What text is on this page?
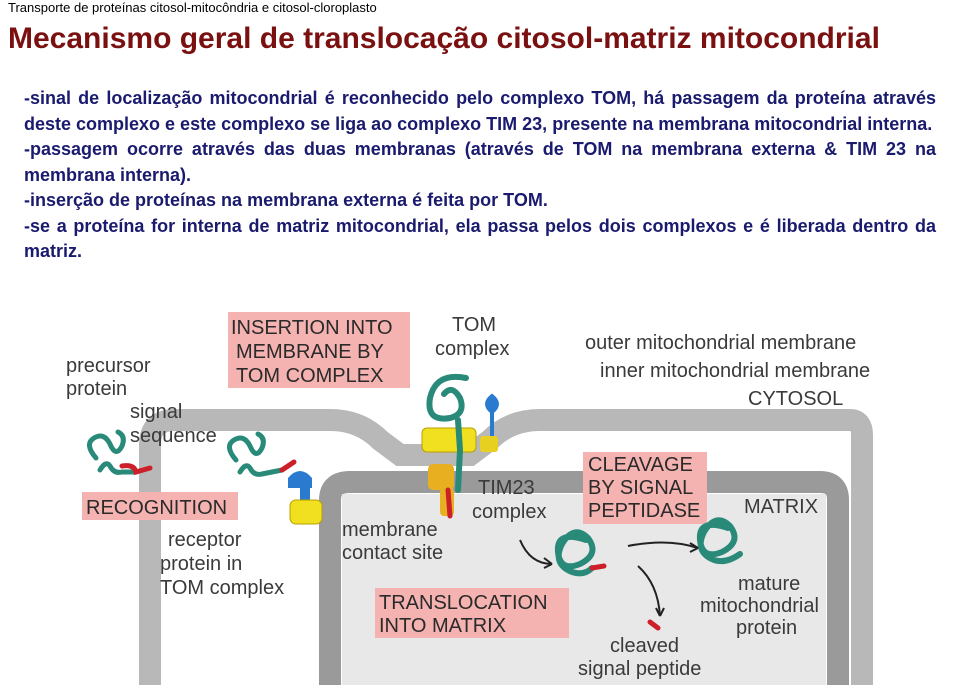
Transporte de proteínas citosol-mitocôndria e citosol-cloroplasto
Mecanismo geral de translocação citosol-matriz mitocondrial

-sinal de localização mitocondrial é reconhecido pelo complexo TOM, há passagem da proteína através deste complexo e este complexo se liga ao complexo TIM 23, presente na membrana mitocondrial interna.

-passagem ocorre através das duas membranas (através de TOM na membrana externa & TIM 23 na membrana interna).

-inserção de proteínas na membrana externa é feita por TOM.

-se a proteína for interna de matriz mitocondrial, ela passa pelos dois complexos e é liberada dentro da matriz.

INSERTION INTO
MEMBRANE BY
TOM COMPLEX
RECOGNITION
CLEAVAGE
BY SIGNAL
PEPTIDASE
TRANSLOCATION
INTO MATRIX
TOM
complex	outer mitochondrial membrane
inner mitochondrial membrane
CYTOSOL
precursor
protein
signal
sequence
TIM23
complex
membrane
contact site
MATRIX
receptor
protein in
TOM complex	mature
mitochondrial
protein
cleaved
signal peptide
